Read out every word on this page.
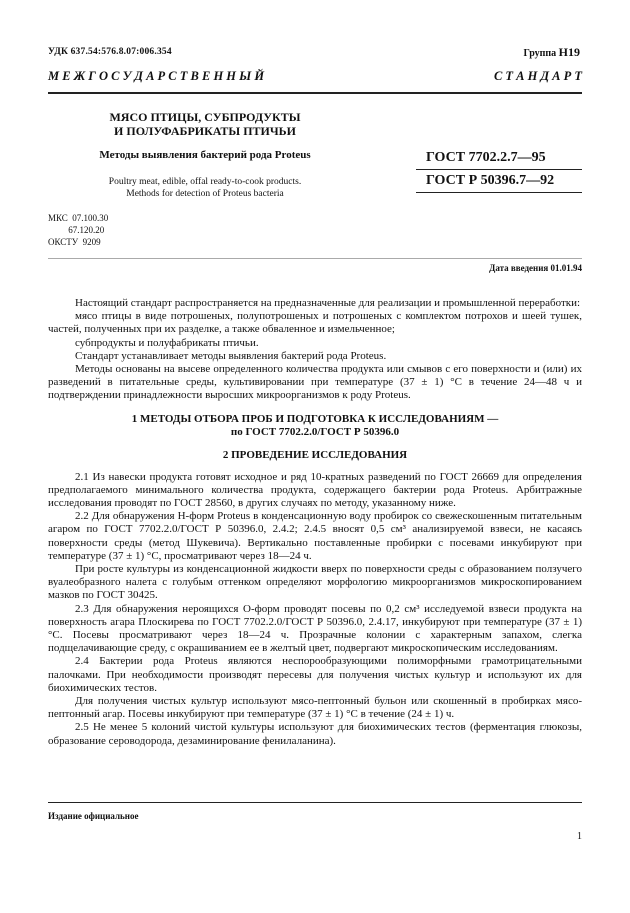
УДК 637.54:576.8.07:006.354	Группа Н19
М Е Ж Г О С У Д А Р С Т В Е Н Н Ы Й	С Т А Н Д А Р Т
МЯСО ПТИЦЫ, СУБПРОДУКТЫ
И ПОЛУФАБРИКАТЫ ПТИЧЬИ
Методы выявления бактерий рода Proteus
Poultry meat, edible, offal ready-to-cook products.
Methods for detection of Proteus bacteria
ГОСТ 7702.2.7—95
ГОСТ Р 50396.7—92
МКС  07.100.30
67.120.20
ОКСТУ  9209
Дата введения 01.01.94

Настоящий стандарт распространяется на предназначенные для реализации и промышленной переработки:

мясо птицы в виде потрошеных, полупотрошеных и потрошеных с комплектом потрохов и шеей тушек, частей, полученных при их разделке, а также обваленное и измельченное;

субпродукты и полуфабрикаты птичьи.

Стандарт устанавливает методы выявления бактерий рода Proteus.

Методы основаны на высеве определенного количества продукта или смывов с его поверхности и (или) их разведений в питательные среды, культивировании при температуре (37 ± 1) °С в течение 24—48 ч и подтверждении принадлежности выросших микроорганизмов к роду Proteus.

1 МЕТОДЫ ОТБОРА ПРОБ И ПОДГОТОВКА К ИССЛЕДОВАНИЯМ —
по ГОСТ 7702.2.0/ГОСТ Р 50396.0
2 ПРОВЕДЕНИЕ ИССЛЕДОВАНИЯ

2.1 Из навески продукта готовят исходное и ряд 10-кратных разведений по ГОСТ 26669 для определения предполагаемого минимального количества продукта, содержащего бактерии рода Proteus. Арбитражные исследования проводят по ГОСТ 28560, в других случаях по методу, указанному ниже.

2.2 Для обнаружения Н-форм Proteus в конденсационную воду пробирок со свежескошенным питательным агаром по ГОСТ 7702.2.0/ГОСТ Р 50396.0, 2.4.2; 2.4.5 вносят 0,5 см³ анализируемой взвеси, не касаясь поверхности среды (метод Шукевича). Вертикально поставленные пробирки с посевами инкубируют при температуре (37 ± 1) °С, просматривают через 18—24 ч.

При росте культуры из конденсационной жидкости вверх по поверхности среды с образованием ползучего вуалеобразного налета с голубым оттенком определяют морфологию микроорганизмов микроскопированием мазков по ГОСТ 30425.

2.3 Для обнаружения нероящихся О-форм проводят посевы по 0,2 см³ исследуемой взвеси продукта на поверхность агара Плоскирева по ГОСТ 7702.2.0/ГОСТ Р 50396.0, 2.4.17, инкубируют при температуре (37 ± 1) °С. Посевы просматривают через 18—24 ч. Прозрачные колонии с характерным запахом, слегка подщелачивающие среду, с окрашиванием ее в желтый цвет, подвергают микроскопическим исследованиям.

2.4 Бактерии рода Proteus являются неспорообразующими полиморфными грамотрицательными палочками. При необходимости производят пересевы для получения чистых культур и используют их для биохимических тестов.

Для получения чистых культур используют мясо-пептонный бульон или скошенный в пробирках мясо-пептонный агар. Посевы инкубируют при температуре (37 ± 1) °С в течение (24 ± 1) ч.

2.5 Не менее 5 колоний чистой культуры используют для биохимических тестов (ферментация глюкозы, образование сероводорода, дезаминирование фенилаланина).

Издание официальное
1
